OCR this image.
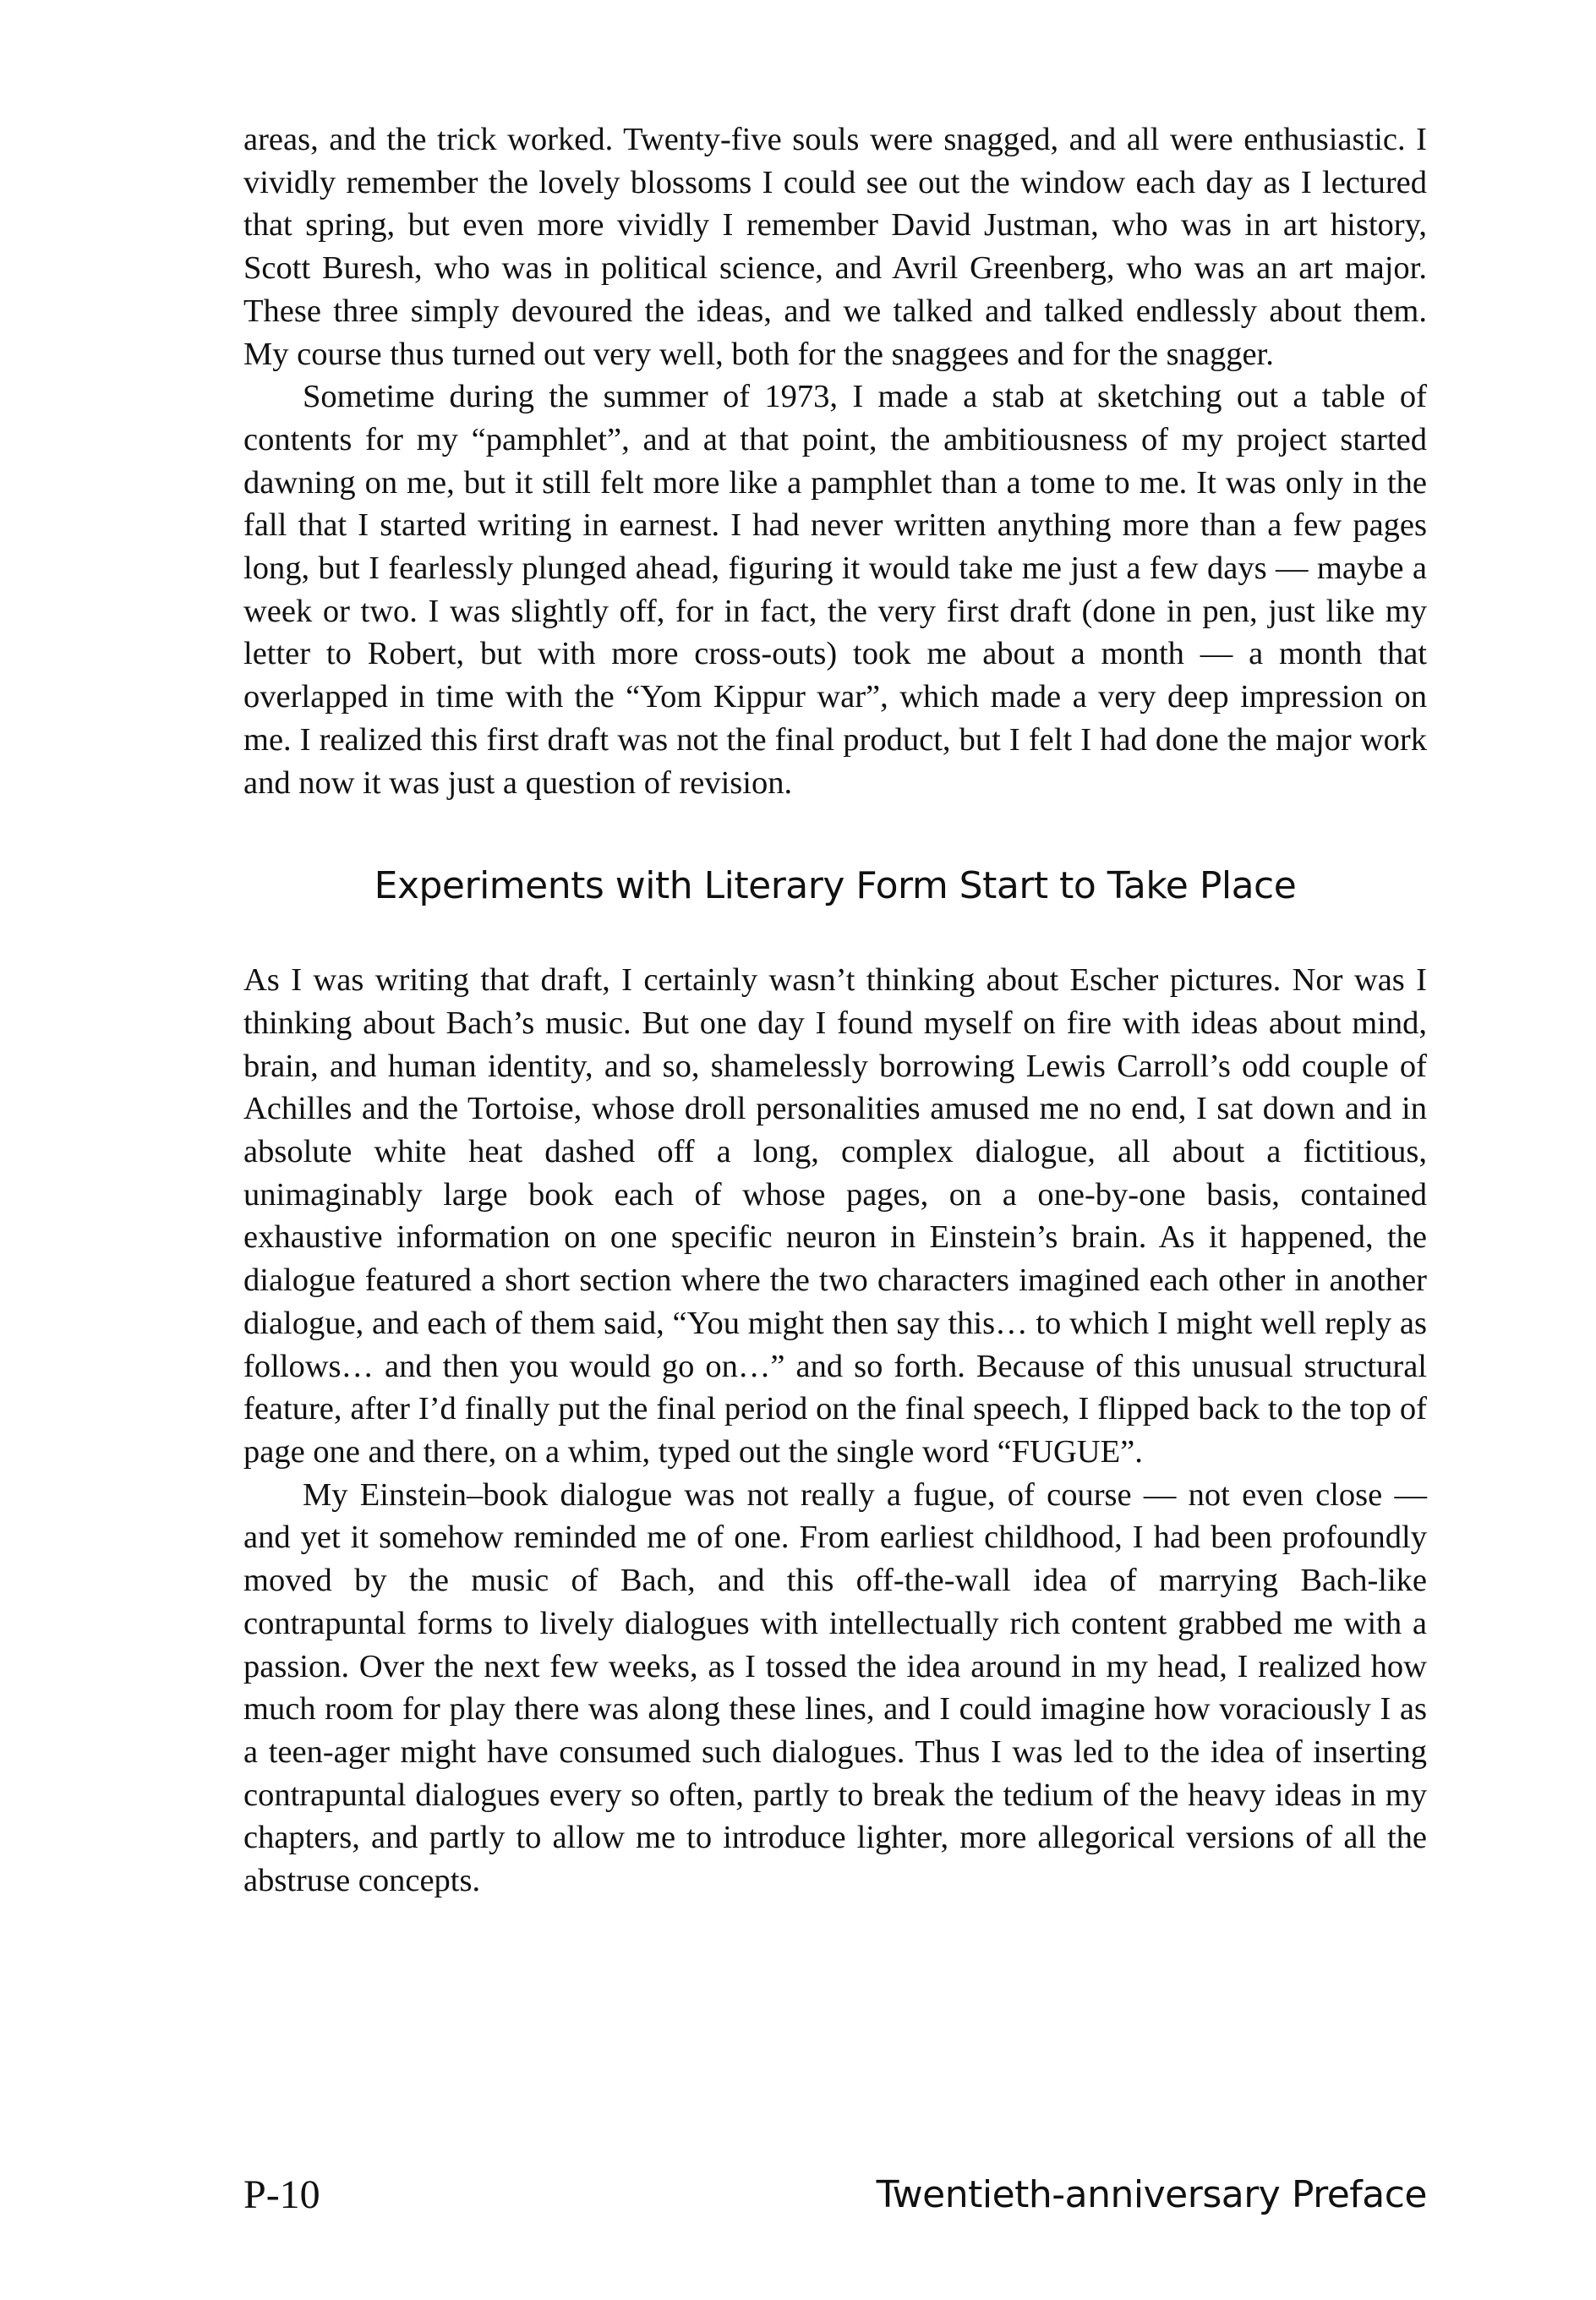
areas, and the trick worked. Twenty-five souls were snagged, and all were enthusiastic. I vividly remember the lovely blossoms I could see out the window each day as I lectured that spring, but even more vividly I remember David Justman, who was in art history, Scott Buresh, who was in political science, and Avril Greenberg, who was an art major. These three simply devoured the ideas, and we talked and talked endlessly about them. My course thus turned out very well, both for the snaggees and for the snagger.

Sometime during the summer of 1973, I made a stab at sketching out a table of contents for my “pamphlet”, and at that point, the ambitiousness of my project started dawning on me, but it still felt more like a pamphlet than a tome to me. It was only in the fall that I started writing in earnest. I had never written anything more than a few pages long, but I fearlessly plunged ahead, figuring it would take me just a few days — maybe a week or two. I was slightly off, for in fact, the very first draft (done in pen, just like my letter to Robert, but with more cross-outs) took me about a month — a month that overlapped in time with the “Yom Kippur war”, which made a very deep impression on me. I realized this first draft was not the final product, but I felt I had done the major work and now it was just a question of revision.

Experiments with Literary Form Start to Take Place

As I was writing that draft, I certainly wasn’t thinking about Escher pictures. Nor was I thinking about Bach’s music. But one day I found myself on fire with ideas about mind, brain, and human identity, and so, shamelessly borrowing Lewis Carroll’s odd couple of Achilles and the Tortoise, whose droll personalities amused me no end, I sat down and in absolute white heat dashed off a long, complex dialogue, all about a fictitious, unimaginably large book each of whose pages, on a one-by-one basis, contained exhaustive information on one specific neuron in Einstein’s brain. As it happened, the dialogue featured a short section where the two characters imagined each other in another dialogue, and each of them said, “You might then say this… to which I might well reply as follows… and then you would go on…” and so forth. Because of this unusual structural feature, after I’d finally put the final period on the final speech, I flipped back to the top of page one and there, on a whim, typed out the single word “FUGUE”.

My Einstein–book dialogue was not really a fugue, of course — not even close — and yet it somehow reminded me of one. From earliest childhood, I had been profoundly moved by the music of Bach, and this off-the-wall idea of marrying Bach-like contrapuntal forms to lively dialogues with intellectually rich content grabbed me with a passion. Over the next few weeks, as I tossed the idea around in my head, I realized how much room for play there was along these lines, and I could imagine how voraciously I as a teen-ager might have consumed such dialogues. Thus I was led to the idea of inserting contrapuntal dialogues every so often, partly to break the tedium of the heavy ideas in my chapters, and partly to allow me to introduce lighter, more allegorical versions of all the abstruse concepts.

P-10	Twentieth-anniversary Preface
